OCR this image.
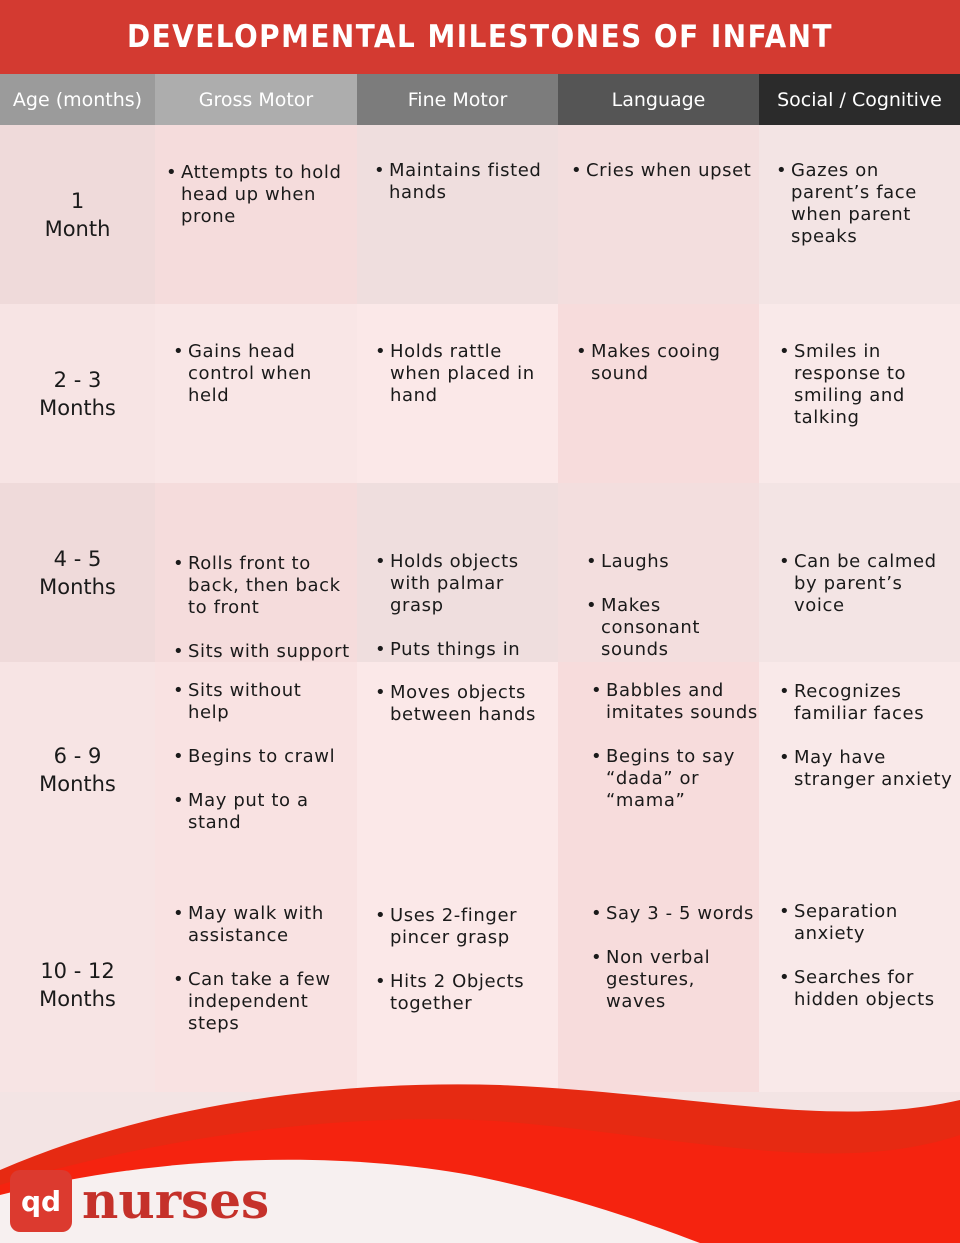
DEVELOPMENTAL MILESTONES OF INFANT
Age (months)	Gross Motor	Fine Motor	Language	Social / Cognitive
1
Month
• Attempts to hold
head up when
prone
• Maintains fisted
hands
• Cries when upset
•	Gazes on
parent’s face
when parent
speaks
2 - 3
Months
• Gains head
control when
held
• Holds rattle
when placed in
hand
• Makes cooing
sound
• Smiles in
response to
smiling and
talking
4 - 5
Months
• Rolls front to
back, then back
to front
• Sits with support
• Holds objects
with palmar
grasp
• Puts things in

• Laughs
• Makes
consonant
sounds
• Can be calmed
by parent’s
voice
6 - 9
Months
• Sits without
help
• Begins to crawl
• May put to a
stand
• Moves objects
between hands
• Babbles and
imitates sounds
• Begins to say
“dada” or
“mama”
• Recognizes
familiar faces
• May have
stranger anxiety
10 - 12
Months
• May walk with
assistance
• Can take a few
independent
steps
• Uses 2-finger
pincer grasp
• Hits 2 Objects
together
• Say 3 - 5 words
• Non verbal
gestures, waves
• Separation
anxiety
• Searches for
hidden objects
qd nurses
